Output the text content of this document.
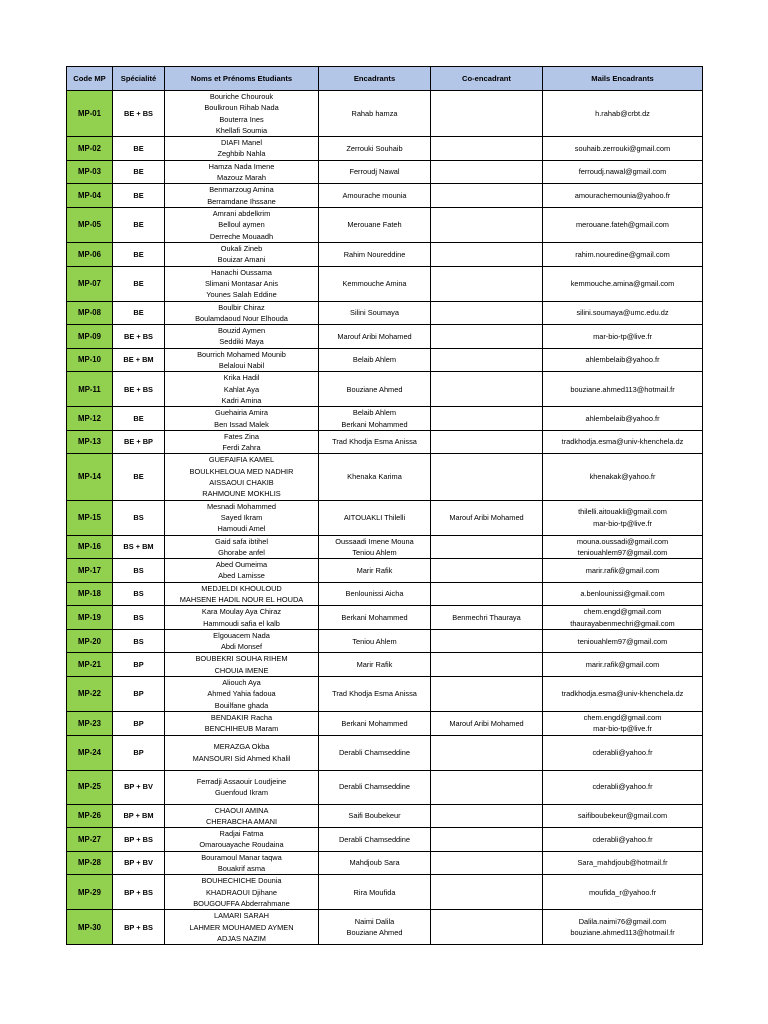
Code MP	Spécialité	Noms et Prénoms Etudiants	Encadrants	Co-encadrant	Mails Encadrants
MP-01	BE + BS	Bouriche Chourouk
Boulkroun Rihab Nada
Bouterra Ines
Khellafi Soumia	Rahab hamza		h.rahab@crbt.dz

MP-02	BE	DIAFI Manel
Zeghbib Nahla	Zerrouki Souhaib		souhaib.zerrouki@gmail.com

MP-03	BE	Hamza Nada Imene
Mazouz Marah	Ferroudj Nawal		ferroudj.nawal@gmail.com

MP-04	BE	Benmarzoug Amina
Berramdane Ihssane	Amourache mounia		amourachemounia@yahoo.fr

MP-05	BE	Amrani abdelkrim
Belloul aymen
Derreche Mouaadh	Merouane Fateh		merouane.fateh@gmail.com

MP-06	BE	Oukali Zineb
Bouizar Amani	Rahim Noureddine		rahim.nouredine@gmail.com

MP-07	BE	Hanachi Oussama
Slimani Montasar Anis
Younes Salah Eddine	Kemmouche Amina		kemmouche.amina@gmail.com

MP-08	BE	Boulbir Chiraz
Boulamdaoud Nour Elhouda	Silini Soumaya		silini.soumaya@umc.edu.dz

MP-09	BE + BS	Bouzid Aymen
Seddiki Maya	Marouf Aribi Mohamed		mar-bio-tp@live.fr

MP-10	BE + BM	Bourrich Mohamed Mounib
Belaloui Nabil	Belaib Ahlem		ahlembelaib@yahoo.fr

MP-11	BE + BS	Krika Hadil
Kahlat Aya
Kadri Amina	Bouziane Ahmed		bouziane.ahmed113@hotmail.fr

MP-12	BE	Guehairia Amira
Ben Issad Malek	Belaib Ahlem
Berkani Mohammed		ahlembelaib@yahoo.fr

MP-13	BE + BP	Fates Zina
Ferdi Zahra	Trad Khodja Esma Anissa		tradkhodja.esma@univ-khenchela.dz

MP-14	BE	GUEFAIFIA KAMEL
BOULKHELOUA MED NADHIR
AISSAOUI CHAKIB
RAHMOUNE MOKHLIS	Khenaka Karima		khenakak@yahoo.fr

MP-15	BS	Mesnadi Mohammed
Sayed Ikram
Hamoudi Amel	AITOUAKLI Thilelli	Marouf Aribi Mohamed	thilelli.aitouakli@gmail.com
mar-bio-tp@live.fr

MP-16	BS + BM	Gaid safa ibtihel
Ghorabe anfel	Oussaadi Imene Mouna
Teniou Ahlem		mouna.oussadi@gmail.com
teniouahlem97@gmail.com

MP-17	BS	Abed Oumeima
Abed Lamisse	Marir Rafik		marir.rafik@gmail.com

MP-18	BS	MEDJELDI KHOULOUD
MAHSENE HADIL NOUR EL HOUDA	Benlounissi Aicha		a.benlounissi@gmail.com

MP-19	BS	Kara Moulay Aya Chiraz
Hammoudi safia el kalb	Berkani Mohammed	Benmechri Thauraya	chem.engd@gmail.com
thaurayabenmechri@gmail.com

MP-20	BS	Elgouacem Nada
Abdi Monsef	Teniou Ahlem		teniouahlem97@gmail.com

MP-21	BP	BOUBEKRI SOUHA RIHEM
CHOUIA IMENE	Marir Rafik		marir.rafik@gmail.com

MP-22	BP	Aliouch Aya
Ahmed Yahia fadoua
Bouilfane ghada	Trad Khodja Esma Anissa		tradkhodja.esma@univ-khenchela.dz

MP-23	BP	BENDAKIR Racha
BENCHIHEUB Maram	Berkani Mohammed	Marouf Aribi Mohamed	chem.engd@gmail.com
mar-bio-tp@live.fr

MP-24	BP	MERAZGA Okba
MANSOURI Sid Ahmed Khalil	Derabli Chamseddine		cderabli@yahoo.fr

MP-25	BP + BV	Ferradji Assaouir Loudjeine
Guenfoud Ikram	Derabli Chamseddine		cderabli@yahoo.fr

MP-26	BP + BM	CHAOUI AMINA
CHERABCHA AMANI	Saifi Boubekeur		saifiboubekeur@gmail.com

MP-27	BP + BS	Radjai Fatma
Omarouayache Roudaina	Derabli Chamseddine		cderabli@yahoo.fr

MP-28	BP + BV	Bouramoul Manar taqwa
Bouakrif asma	Mahdjoub Sara		Sara_mahdjoub@hotmail.fr

MP-29	BP + BS	BOUHECHICHE Dounia
KHADRAOUI Djihane
BOUGOUFFA Abderrahmane	Rira Moufida		moufida_r@yahoo.fr

MP-30	BP + BS	LAMARI SARAH
LAHMER MOUHAMED AYMEN
ADJAS NAZIM	Naimi Dalila
Bouziane Ahmed		Dalila.naimi76@gmail.com
bouziane.ahmed113@hotmail.fr
